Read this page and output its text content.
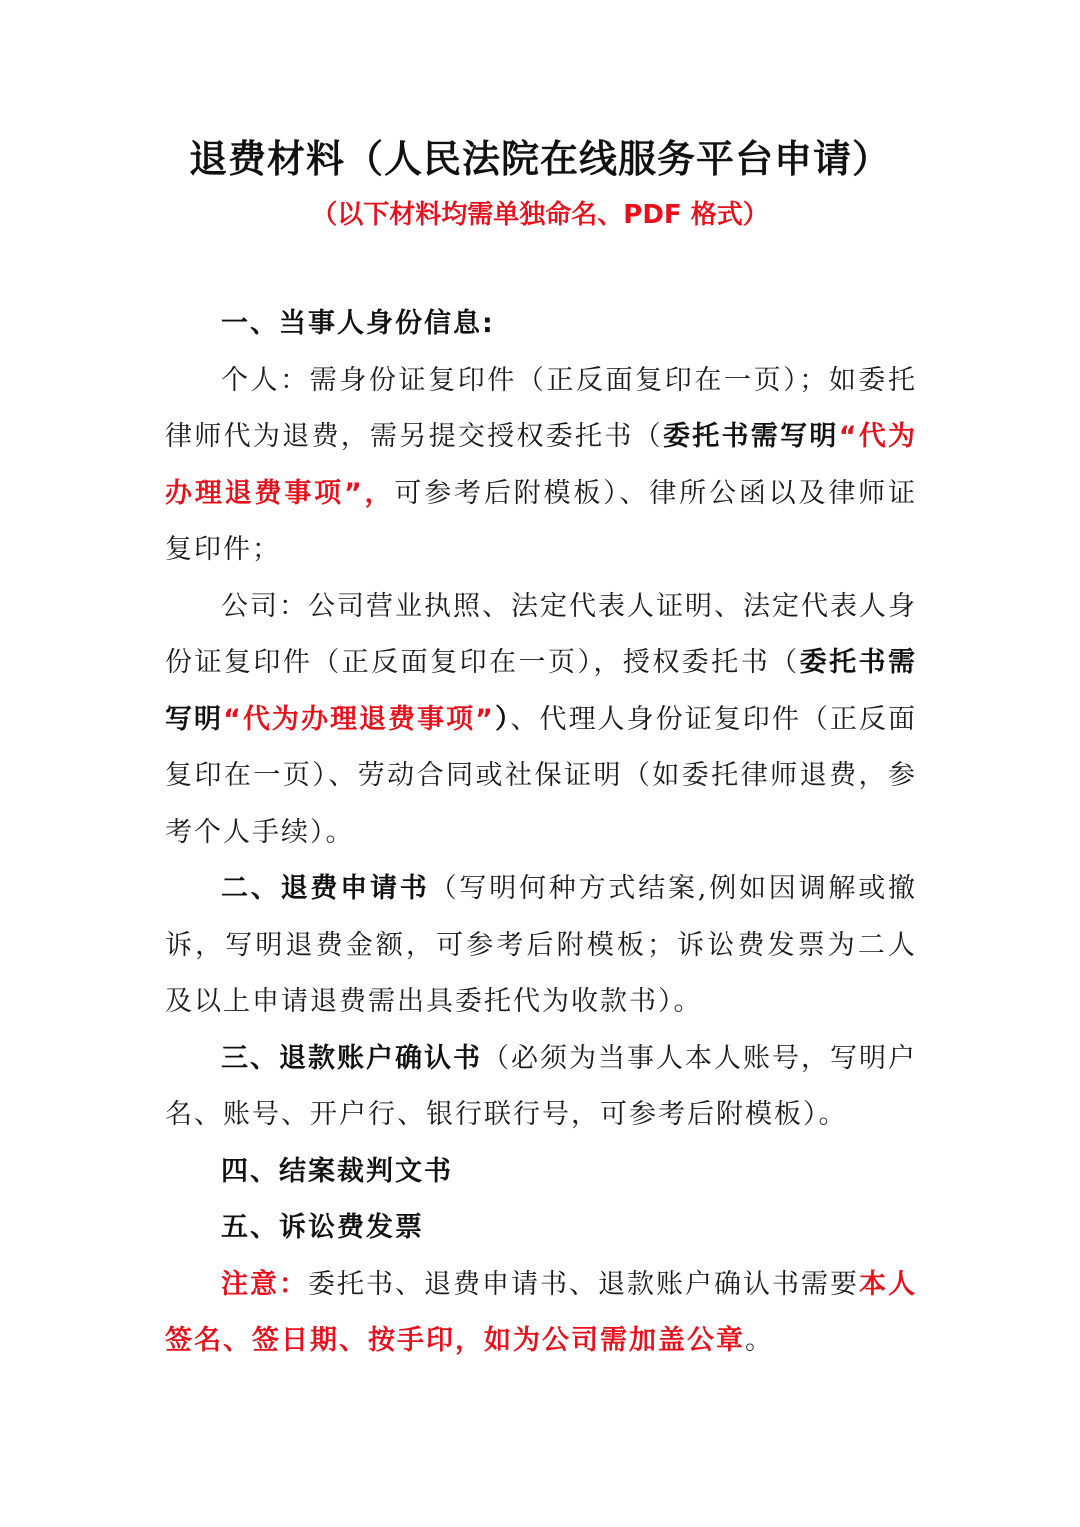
退费材料（人民法院在线服务平台申请）
（以下材料均需单独命名、PDF 格式）

一、当事人身份信息:

个人：需身份证复印件（正反面复印在一页）；如委托律师代为退费，需另提交授权委托书（委托书需写明“代为办理退费事项”，可参考后附模板）、律所公函以及律师证复印件；

公司：公司营业执照、法定代表人证明、法定代表人身份证复印件（正反面复印在一页），授权委托书（委托书需写明“代为办理退费事项”）、代理人身份证复印件（正反面复印在一页）、劳动合同或社保证明（如委托律师退费，参考个人手续）。

二、退费申请书（写明何种方式结案,例如因调解或撤诉，写明退费金额，可参考后附模板；诉讼费发票为二人及以上申请退费需出具委托代为收款书）。

三、退款账户确认书（必须为当事人本人账号，写明户名、账号、开户行、银行联行号，可参考后附模板）。

四、结案裁判文书

五、诉讼费发票

注意：委托书、退费申请书、退款账户确认书需要本人签名、签日期、按手印，如为公司需加盖公章。
